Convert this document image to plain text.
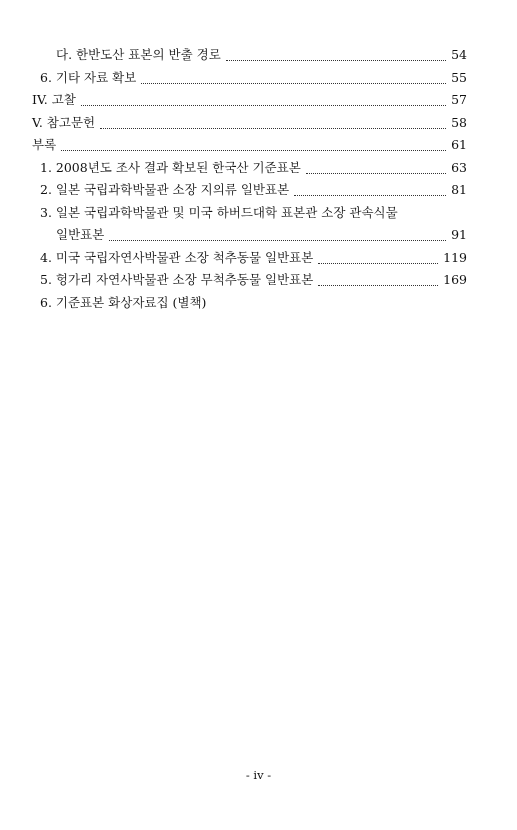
다. 한반도산 표본의 반출 경로	54
6. 기타 자료 확보	55
IV. 고찰	57
V. 참고문헌	58
부록	61
1. 2008년도 조사 결과 확보된 한국산 기준표본	63
2. 일본 국립과학박물관 소장 지의류 일반표본	81
3. 일본 국립과학박물관 및 미국 하버드대학 표본관 소장 관속식물
일반표본	91
4. 미국 국립자연사박물관 소장 척추동물 일반표본	119
5. 헝가리 자연사박물관 소장 무척추동물 일반표본	169
6. 기준표본 화상자료집 (별책)
- iv -
